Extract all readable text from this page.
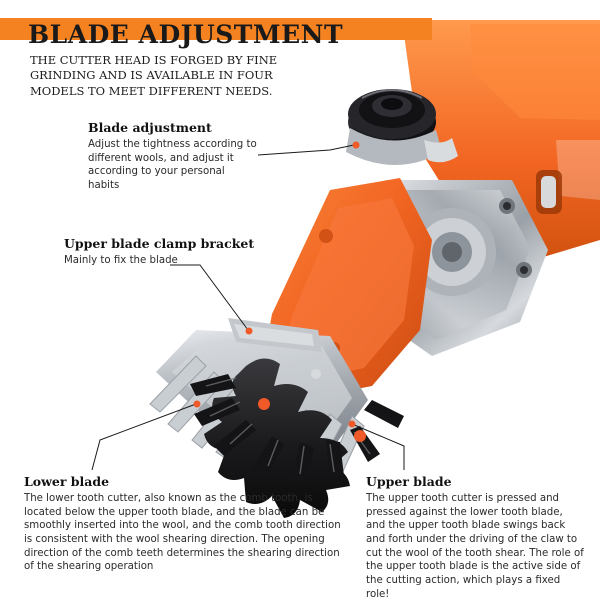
BLADE ADJUSTMENT
THE CUTTER HEAD IS FORGED BY FINE GRINDING AND IS AVAILABLE IN FOUR MODELS TO MEET DIFFERENT NEEDS.

Blade adjustment

Adjust the tightness according to different wools, and adjust it according to your personal habits

Upper blade clamp bracket

Mainly to fix the blade

Lower blade

The lower tooth cutter, also known as the comb tooth, is located below the upper tooth blade, and the blade can be smoothly inserted into the wool, and the comb tooth direction is consistent with the wool shearing direction. The opening direction of the comb teeth determines the shearing direction of the shearing operation

Upper blade

The upper tooth cutter is pressed and pressed against the lower tooth blade, and the upper tooth blade swings back and forth under the driving of the claw to cut the wool of the tooth shear. The role of the upper tooth blade is the active side of the cutting action, which plays a fixed role!
